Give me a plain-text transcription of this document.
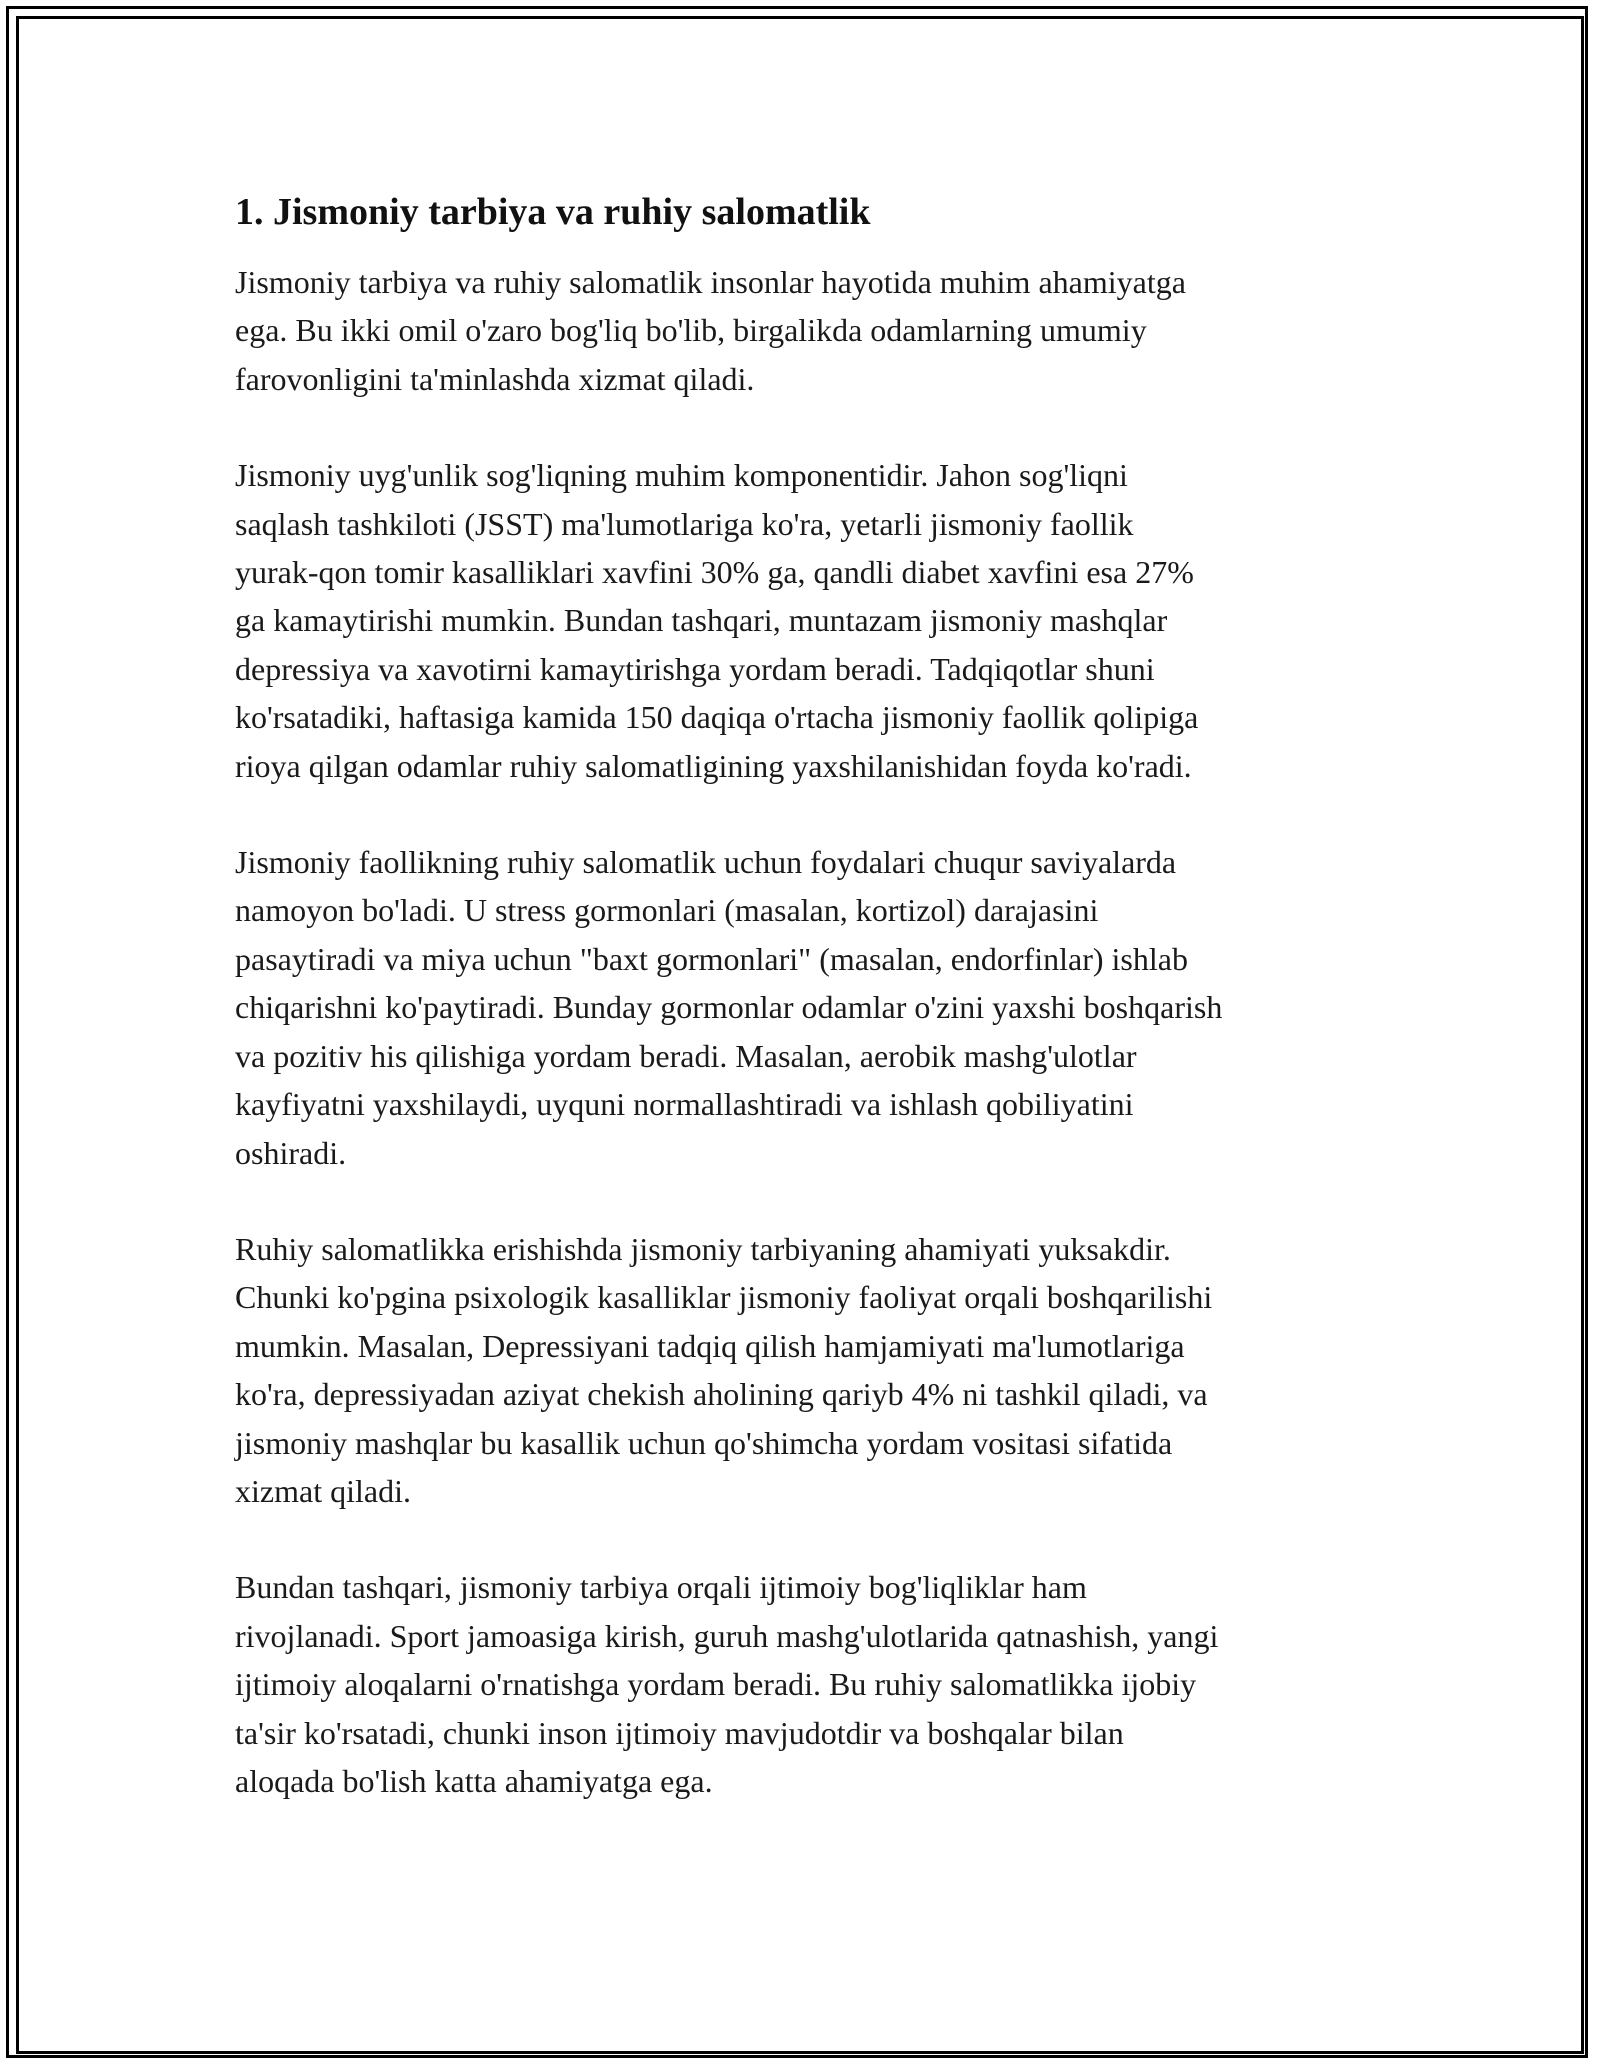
1. Jismoniy tarbiya va ruhiy salomatlik

Jismoniy tarbiya va ruhiy salomatlik insonlar hayotida muhim ahamiyatga
ega. Bu ikki omil o'zaro bog'liq bo'lib, birgalikda odamlarning umumiy
farovonligini ta'minlashda xizmat qiladi.

Jismoniy uyg'unlik sog'liqning muhim komponentidir. Jahon sog'liqni
saqlash tashkiloti (JSST) ma'lumotlariga ko'ra, yetarli jismoniy faollik
yurak-qon tomir kasalliklari xavfini 30% ga, qandli diabet xavfini esa 27%
ga kamaytirishi mumkin. Bundan tashqari, muntazam jismoniy mashqlar
depressiya va xavotirni kamaytirishga yordam beradi. Tadqiqotlar shuni
ko'rsatadiki, haftasiga kamida 150 daqiqa o'rtacha jismoniy faollik qolipiga
rioya qilgan odamlar ruhiy salomatligining yaxshilanishidan foyda ko'radi.

Jismoniy faollikning ruhiy salomatlik uchun foydalari chuqur saviyalarda
namoyon bo'ladi. U stress gormonlari (masalan, kortizol) darajasini
pasaytiradi va miya uchun "baxt gormonlari" (masalan, endorfinlar) ishlab
chiqarishni ko'paytiradi. Bunday gormonlar odamlar o'zini yaxshi boshqarish
va pozitiv his qilishiga yordam beradi. Masalan, aerobik mashg'ulotlar
kayfiyatni yaxshilaydi, uyquni normallashtiradi va ishlash qobiliyatini
oshiradi.

Ruhiy salomatlikka erishishda jismoniy tarbiyaning ahamiyati yuksakdir.
Chunki ko'pgina psixologik kasalliklar jismoniy faoliyat orqali boshqarilishi
mumkin. Masalan, Depressiyani tadqiq qilish hamjamiyati ma'lumotlariga
ko'ra, depressiyadan aziyat chekish aholining qariyb 4% ni tashkil qiladi, va
jismoniy mashqlar bu kasallik uchun qo'shimcha yordam vositasi sifatida
xizmat qiladi.

Bundan tashqari, jismoniy tarbiya orqali ijtimoiy bog'liqliklar ham
rivojlanadi. Sport jamoasiga kirish, guruh mashg'ulotlarida qatnashish, yangi
ijtimoiy aloqalarni o'rnatishga yordam beradi. Bu ruhiy salomatlikka ijobiy
ta'sir ko'rsatadi, chunki inson ijtimoiy mavjudotdir va boshqalar bilan
aloqada bo'lish katta ahamiyatga ega.
